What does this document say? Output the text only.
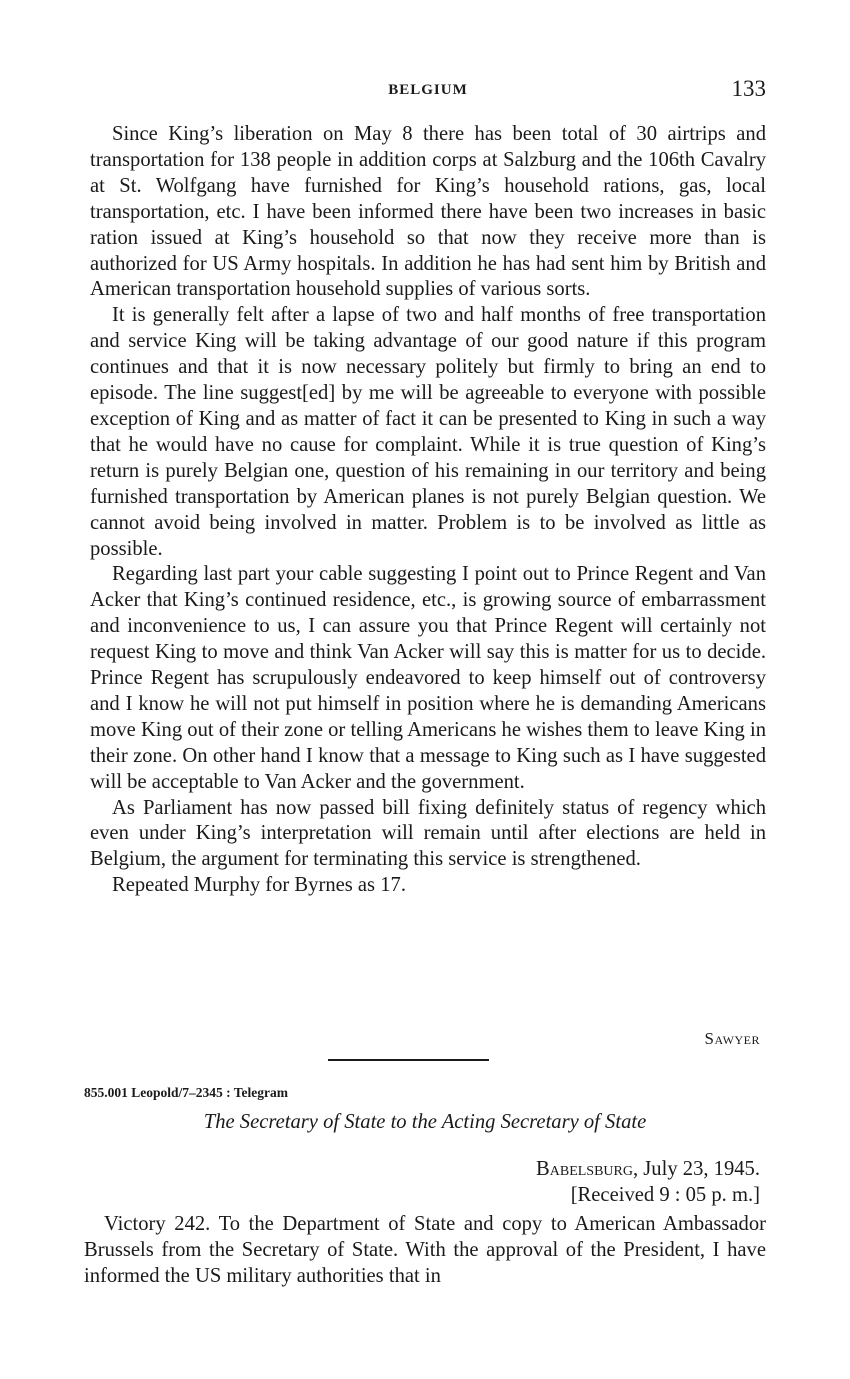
BELGIUM	133

Since King’s liberation on May 8 there has been total of 30 airtrips and transportation for 138 people in addition corps at Salzburg and the 106th Cavalry at St. Wolfgang have furnished for King’s household rations, gas, local transportation, etc. I have been informed there have been two increases in basic ration issued at King’s household so that now they receive more than is authorized for US Army hospitals. In addition he has had sent him by British and American transportation household supplies of various sorts.

It is generally felt after a lapse of two and half months of free transportation and service King will be taking advantage of our good nature if this program continues and that it is now necessary politely but firmly to bring an end to episode. The line suggest[ed] by me will be agreeable to everyone with possible exception of King and as matter of fact it can be presented to King in such a way that he would have no cause for complaint. While it is true question of King’s return is purely Belgian one, question of his remaining in our territory and being furnished transportation by American planes is not purely Belgian question. We cannot avoid being involved in matter. Problem is to be involved as little as possible.

Regarding last part your cable suggesting I point out to Prince Regent and Van Acker that King’s continued residence, etc., is growing source of embarrassment and inconvenience to us, I can assure you that Prince Regent will certainly not request King to move and think Van Acker will say this is matter for us to decide. Prince Regent has scrupulously endeavored to keep himself out of controversy and I know he will not put himself in position where he is demanding Americans move King out of their zone or telling Americans he wishes them to leave King in their zone. On other hand I know that a message to King such as I have suggested will be acceptable to Van Acker and the government.

As Parliament has now passed bill fixing definitely status of regency which even under King’s interpretation will remain until after elections are held in Belgium, the argument for terminating this service is strengthened.

Repeated Murphy for Byrnes as 17.

Sawyer
855.001 Leopold/7–2345 : Telegram
The Secretary of State to the Acting Secretary of State
Babelsburg, July 23, 1945.
[Received 9 : 05 p. m.]

Victory 242. To the Department of State and copy to American Ambassador Brussels from the Secretary of State. With the approval of the President, I have informed the US military authorities that in
